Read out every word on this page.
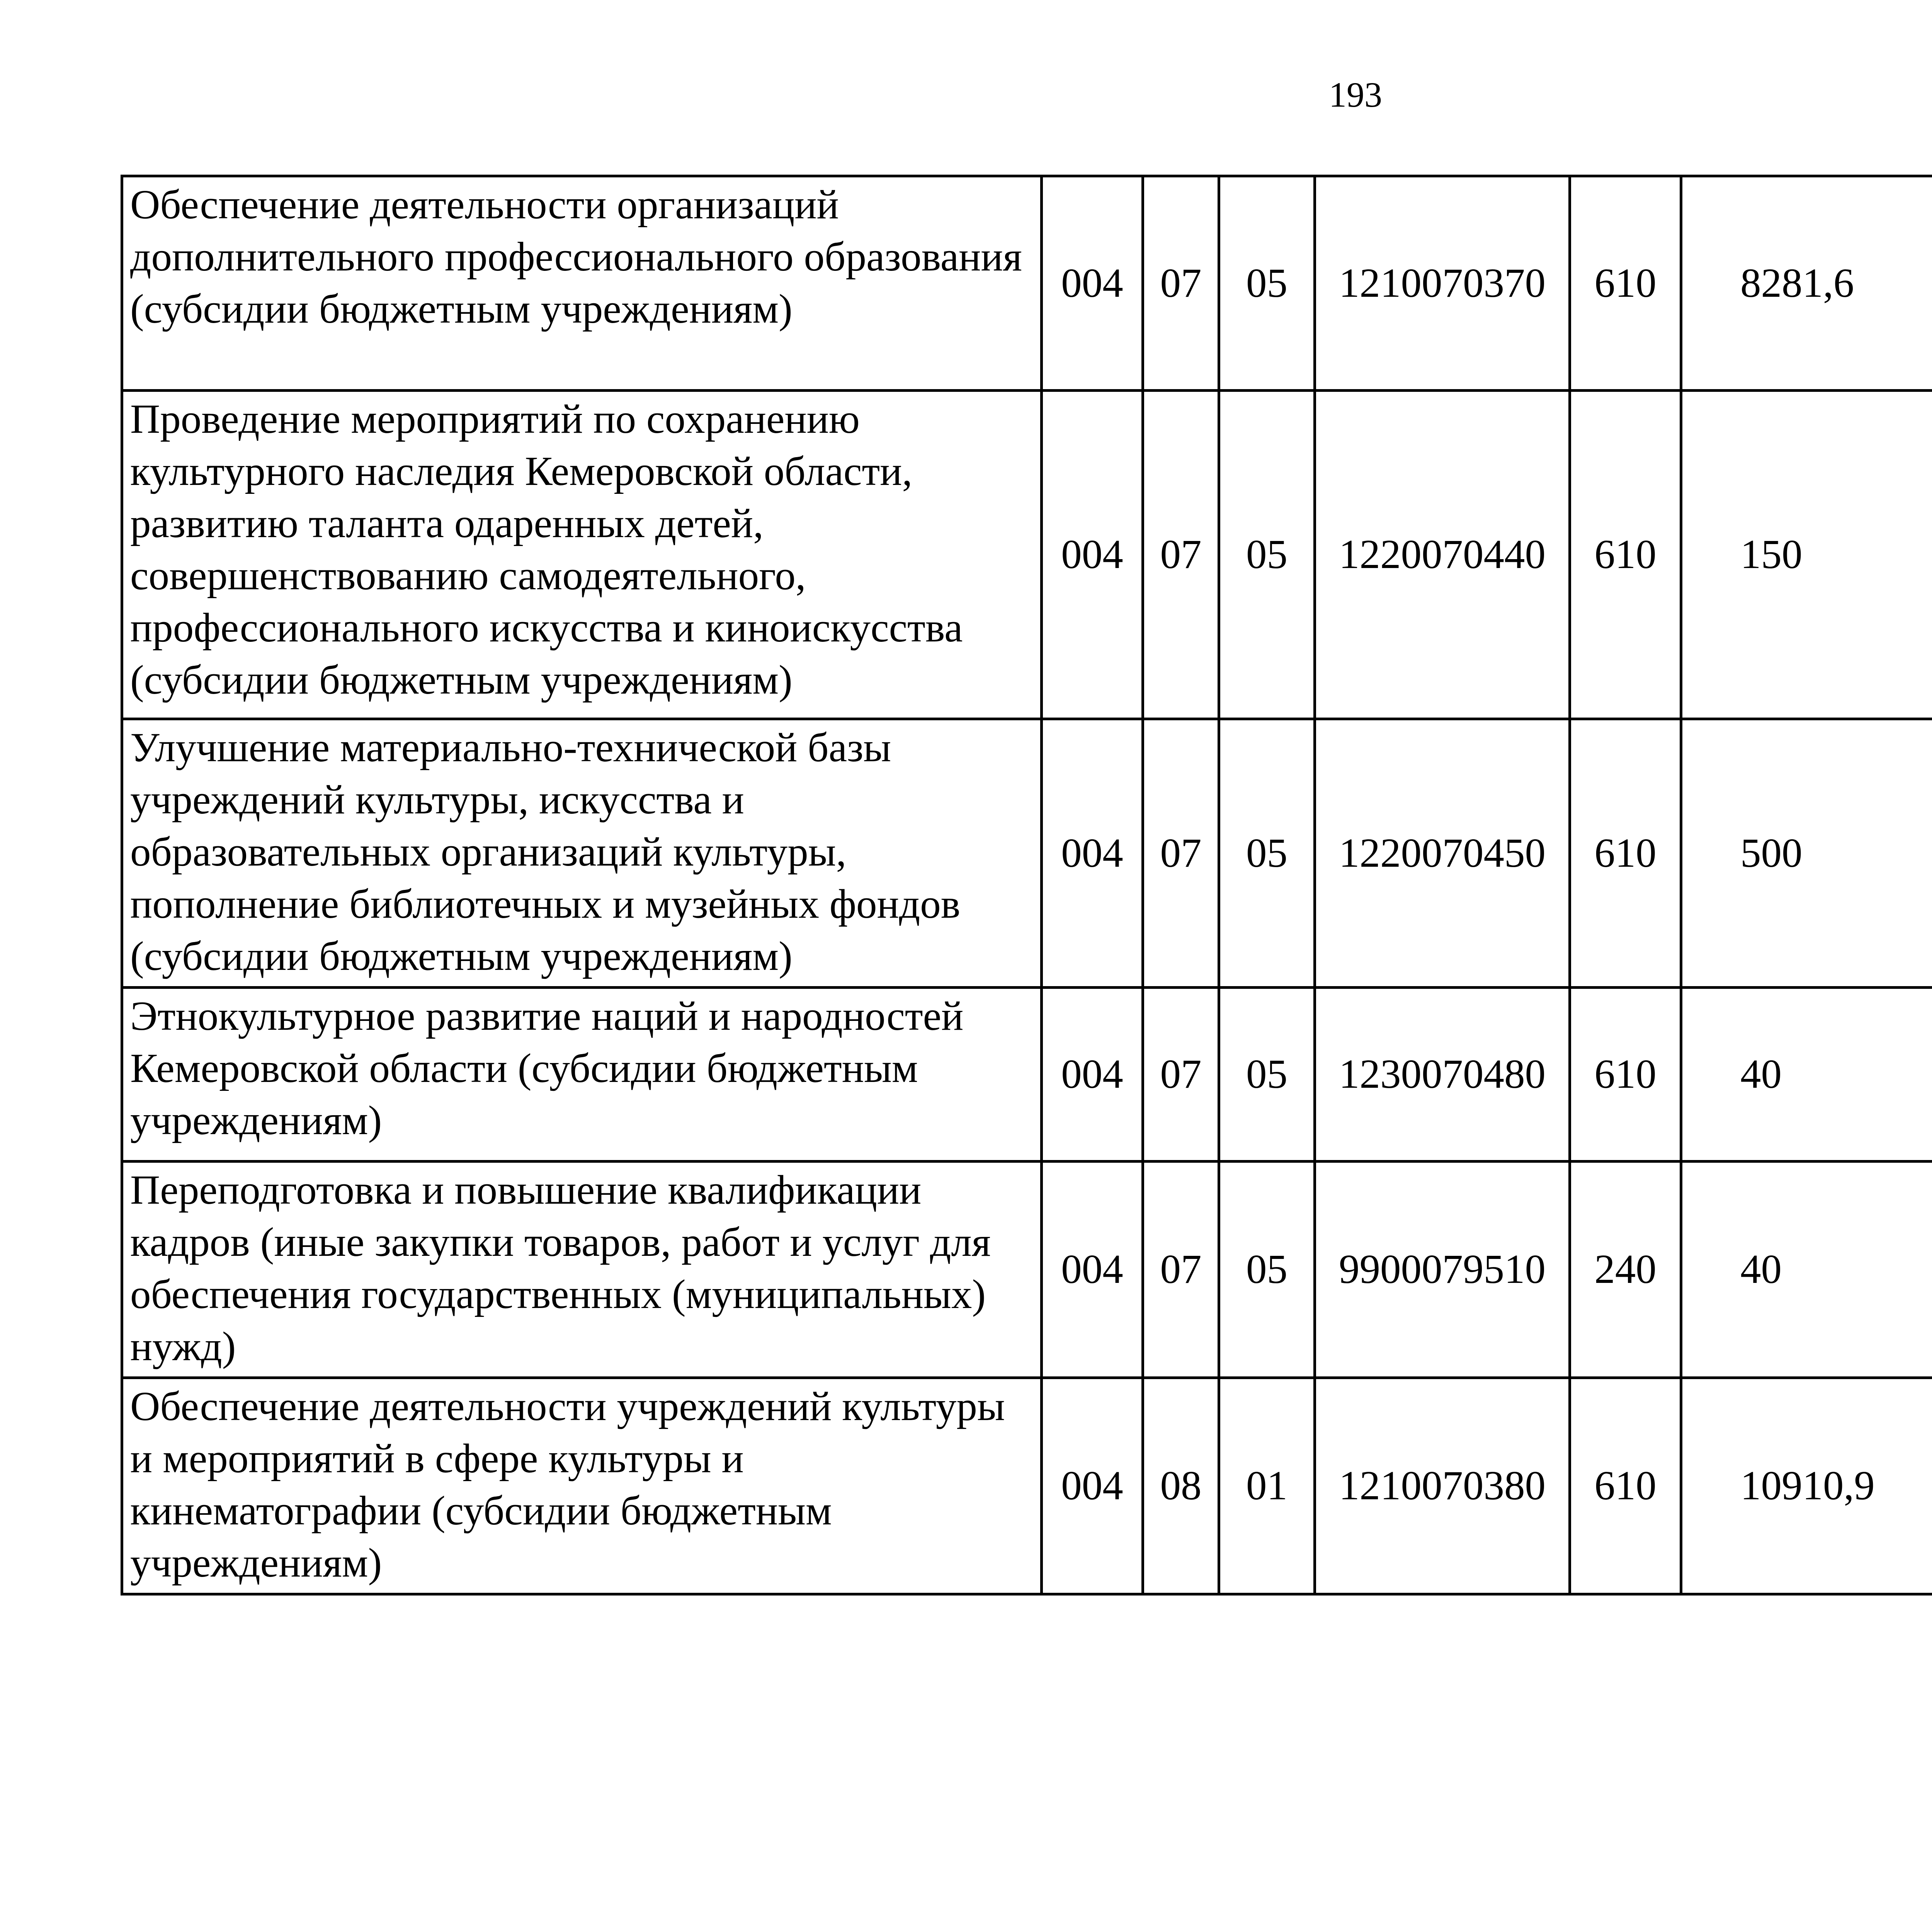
193
Обеспечение деятельности организаций дополнительного профессионального образования (субсидии бюджетным учреждениям)	004	07	05	1210070370	610	8281,6		
Проведение мероприятий по сохранению культурного наследия Кемеровской области, развитию таланта одаренных детей, совершенствованию самодеятельного, профессионального искусства и киноискусства (субсидии бюджетным учреждениям)	004	07	05	1220070440	610	150		
Улучшение материально-технической базы учреждений культуры, искусства и образовательных организаций культуры, пополнение библиотечных и музейных фондов (субсидии бюджетным учреждениям)	004	07	05	1220070450	610	500		
Этнокультурное развитие наций и народностей Кемеровской области (субсидии бюджетным учреждениям)	004	07	05	1230070480	610	40		
Переподготовка и повышение квалификации кадров (иные закупки товаров, работ и услуг для обеспечения государственных (муниципальных) нужд)	004	07	05	9900079510	240	40		
Обеспечение деятельности учреждений культуры и мероприятий в сфере культуры и кинематографии (субсидии бюджетным учреждениям)	004	08	01	1210070380	610	10910,9		
